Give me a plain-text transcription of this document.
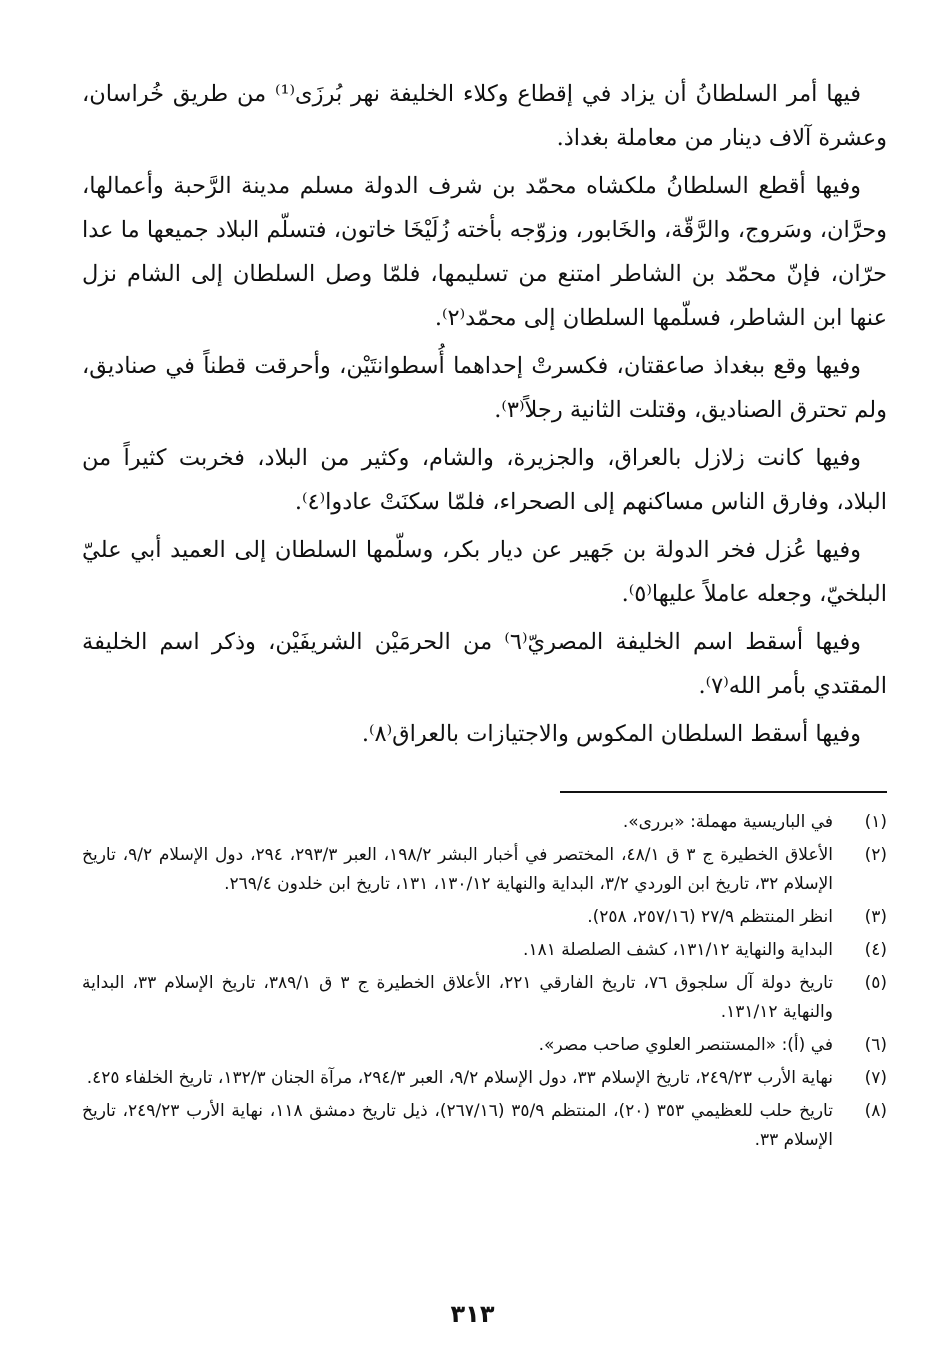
فيها أمر السلطانُ أن يزاد في إقطاع وكلاء الخليفة نهر بُرزَى⁽¹⁾ من طريق خُراسان، وعشرة آلاف دينار من معاملة بغداذ.

وفيها أقطع السلطانُ ملكشاه محمّد بن شرف الدولة مسلم مدينة الرَّحبة وأعمالها، وحرَّان، وسَروج، والرَّقّة، والخَابور، وزوّجه بأخته زُلَيْخَا خاتون، فتسلّم البلاد جميعها ما عدا حرّان، فإنّ محمّد بن الشاطر امتنع من تسليمها، فلمّا وصل السلطان إلى الشام نزل عنها ابن الشاطر، فسلّمها السلطان إلى محمّد⁽٢⁾.

وفيها وقع ببغداذ صاعقتان، فكسرتْ إحداهما أُسطوانتَيْن، وأحرقت قطناً في صناديق، ولم تحترق الصناديق، وقتلت الثانية رجلاً⁽٣⁾.

وفيها كانت زلازل بالعراق، والجزيرة، والشام، وكثير من البلاد، فخربت كثيراً من البلاد، وفارق الناس مساكنهم إلى الصحراء، فلمّا سكنَتْ عادوا⁽٤⁾.

وفيها عُزل فخر الدولة بن جَهير عن ديار بكر، وسلّمها السلطان إلى العميد أبي عليّ البلخيّ، وجعله عاملاً عليها⁽٥⁾.

وفيها أسقط اسم الخليفة المصريّ⁽٦⁾ من الحرمَيْن الشريفَيْن، وذكر اسم الخليفة المقتدي بأمر الله⁽٧⁾.

وفيها أسقط السلطان المكوس والاجتيازات بالعراق⁽٨⁾.

(١)
في الباريسية مهملة: «بررى».
(٢)
الأعلاق الخطيرة ج ٣ ق ٤٨/١، المختصر في أخبار البشر ١٩٨/٢، العبر ٢٩٣/٣، ٢٩٤، دول الإسلام ٩/٢، تاريخ الإسلام ٣٢، تاريخ ابن الوردي ٣/٢، البداية والنهاية ١٣٠/١٢، ١٣١، تاريخ ابن خلدون ٢٦٩/٤.
(٣)
انظر المنتظم ٢٧/٩ (٢٥٧/١٦، ٢٥٨).
(٤)
البداية والنهاية ١٣١/١٢، كشف الصلصلة ١٨١.
(٥)
تاريخ دولة آل سلجوق ٧٦، تاريخ الفارقي ٢٢١، الأعلاق الخطيرة ج ٣ ق ٣٨٩/١، تاريخ الإسلام ٣٣، البداية والنهاية ١٣١/١٢.
(٦)
في (أ): «المستنصر العلوي صاحب مصر».
(٧)
نهاية الأرب ٢٤٩/٢٣، تاريخ الإسلام ٣٣، دول الإسلام ٩/٢، العبر ٢٩٤/٣، مرآة الجنان ١٣٢/٣، تاريخ الخلفاء ٤٢٥.
(٨)
تاريخ حلب للعظيمي ٣٥٣ (٢٠)، المنتظم ٣٥/٩ (٢٦٧/١٦)، ذيل تاريخ دمشق ١١٨، نهاية الأرب ٢٤٩/٢٣، تاريخ الإسلام ٣٣.
٣١٣
